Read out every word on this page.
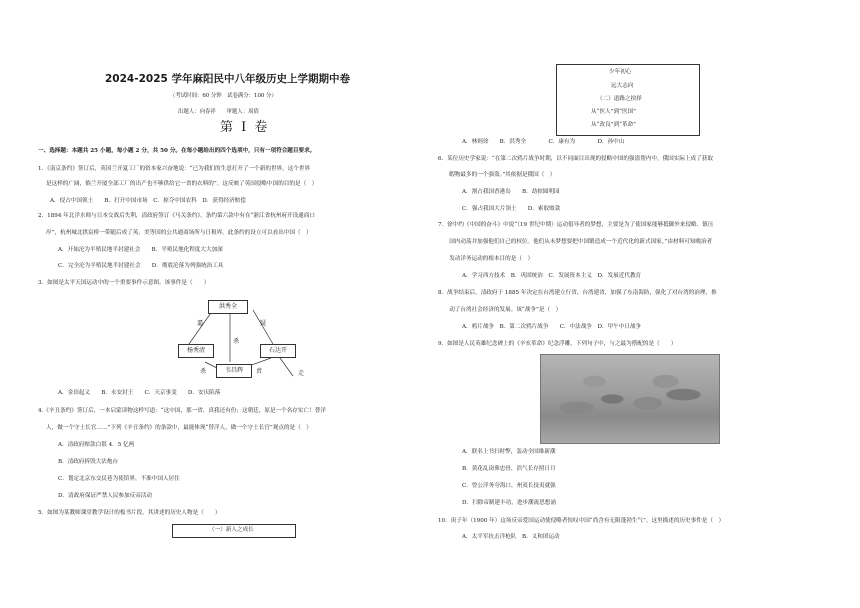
2024-2025 学年麻阳民中八年级历史上学期期中卷
（考试时间：60 分钟　试卷满分：100 分）
出题人：向春祥　　审题人：周倩
第 Ⅰ 卷
一、选择题：本题共 25 小题，每小题 2 分，共 50 分。在每小题给出的四个选项中，只有一项符合题目要求。
1．《南京条约》签订后，英国兰开夏工厂的资本家兴奋地说：“已为我们的生意打开了一个新的世界，这个世界
是这样的广阔，倘兰开厦全部工厂的出产也不够供给它一省的衣料的”。这反映了英国侵略中国的目的是（　）
A．侵占中国领土　　B．打开中国市场　C．掠夺中国农科　D．获得经济赔偿
2．1894 年北洋水师与日本交战后失利，清政府签订《马关条约》。条约第六款中有在“浙江省杭州府开设通商口
岸”，杭州城北拱宸桥一带随后成了英、美等国的公共通商场所与日租界。此条约的设立可以看出中国（　）
A．开始沦为半殖民地半封建社会　　B．半殖民地化程度大大加深
C．完全沦为半殖民地半封建社会　　D．彻底沦落为列强统治工具
3．如图是太平天国运动中的一个重要事件示意图。该事件是（　　）
洪秀全
杨秀清
韦昌辉
石达开
逼	疑
杀
杀	责	走
A．金田起义　　B．永安封王　　C．天京事变　　D．安庆陷落
4.《辛丑条约》签订后，一本启蒙读物这样写道：“这中国，那一省，真我还有份；这朝廷，原是一个名存实亡！替洋
人，做一个守土长官……”下列《辛丑条约》的条款中，最能体现“替洋人，做一个守土长官”观点的是（　）
A．清政府赔款白银 4．5 亿两
B．清政府拆毁大沽炮台
C．划定北京东交民巷为使馆界，不准中国人居住
D．清政府保证严禁人民参加反帝活动
5．如图为某教师课堂教学设计的板书片段。其讲述的历史人物是（　　）
（一）新人之成长
少年初心
远大志向
（二）道路之抉择
从“医人”到“医国”
从“改良”到“革命”
A．林则徐　　B．洪秀全　　　　C．康有为　　　　D．孙中山
6．某位历史学家说：“在第二次鸦片战争时期，以不同面目出现的侵略中国的强盗帮内中，俄国实际上成了获取
　　暇物最多的一个强盗。”其依据是俄国（　）
A．割占我国香港岛　　B．劫掠圆明园
C．强占我国大片领土　　D．索取赔款
7．徐中约《中国的奋斗》中说“（19 世纪中期）运动倡导者的梦想，主要是为了使国家能够抵御外来侵略、镇压
　　国内动荡并加强他们自己的权位。他们从未梦想要把中国锻造成一个近代化的新式国家。”由材料可知晚治者
　　发动洋务运动的根本目的是（　）
A．学习西方技术　B．巩固统治　C．发展资本主义　D．发展近代教育
8．战争结束后，清政府于 1885 年决定在台湾建立行省，台湾建省，加强了东南海防，强化了对台湾的治理，推
　　动了台湾社会经济的发展。该“战争”是（　）
A．鸦片战争　B．第二次鸦片战争　　C．中法战争　D．甲午中日战争
9．如图是人民英雄纪念碑上的《辛亥革命》纪念浮雕，下列句子中，与之最为搭配的是（　　）
A．联名上书扫时弊，轰动全国维新潮
B．黄花乱岗葬忠骨，浩气长存照日月
C．曾公洋务夸海口，州夷长技夷就强
D．扫除帝制建丰功，进步潮流思想涌
10．庚子年（1900 年）这场反帝爱国运动使侵略者惊叹中国“尚含有无限蓬勃生气”。这里描述的历史事件是（　）
A．太平军抗击洋枪队　B．义和团运动
